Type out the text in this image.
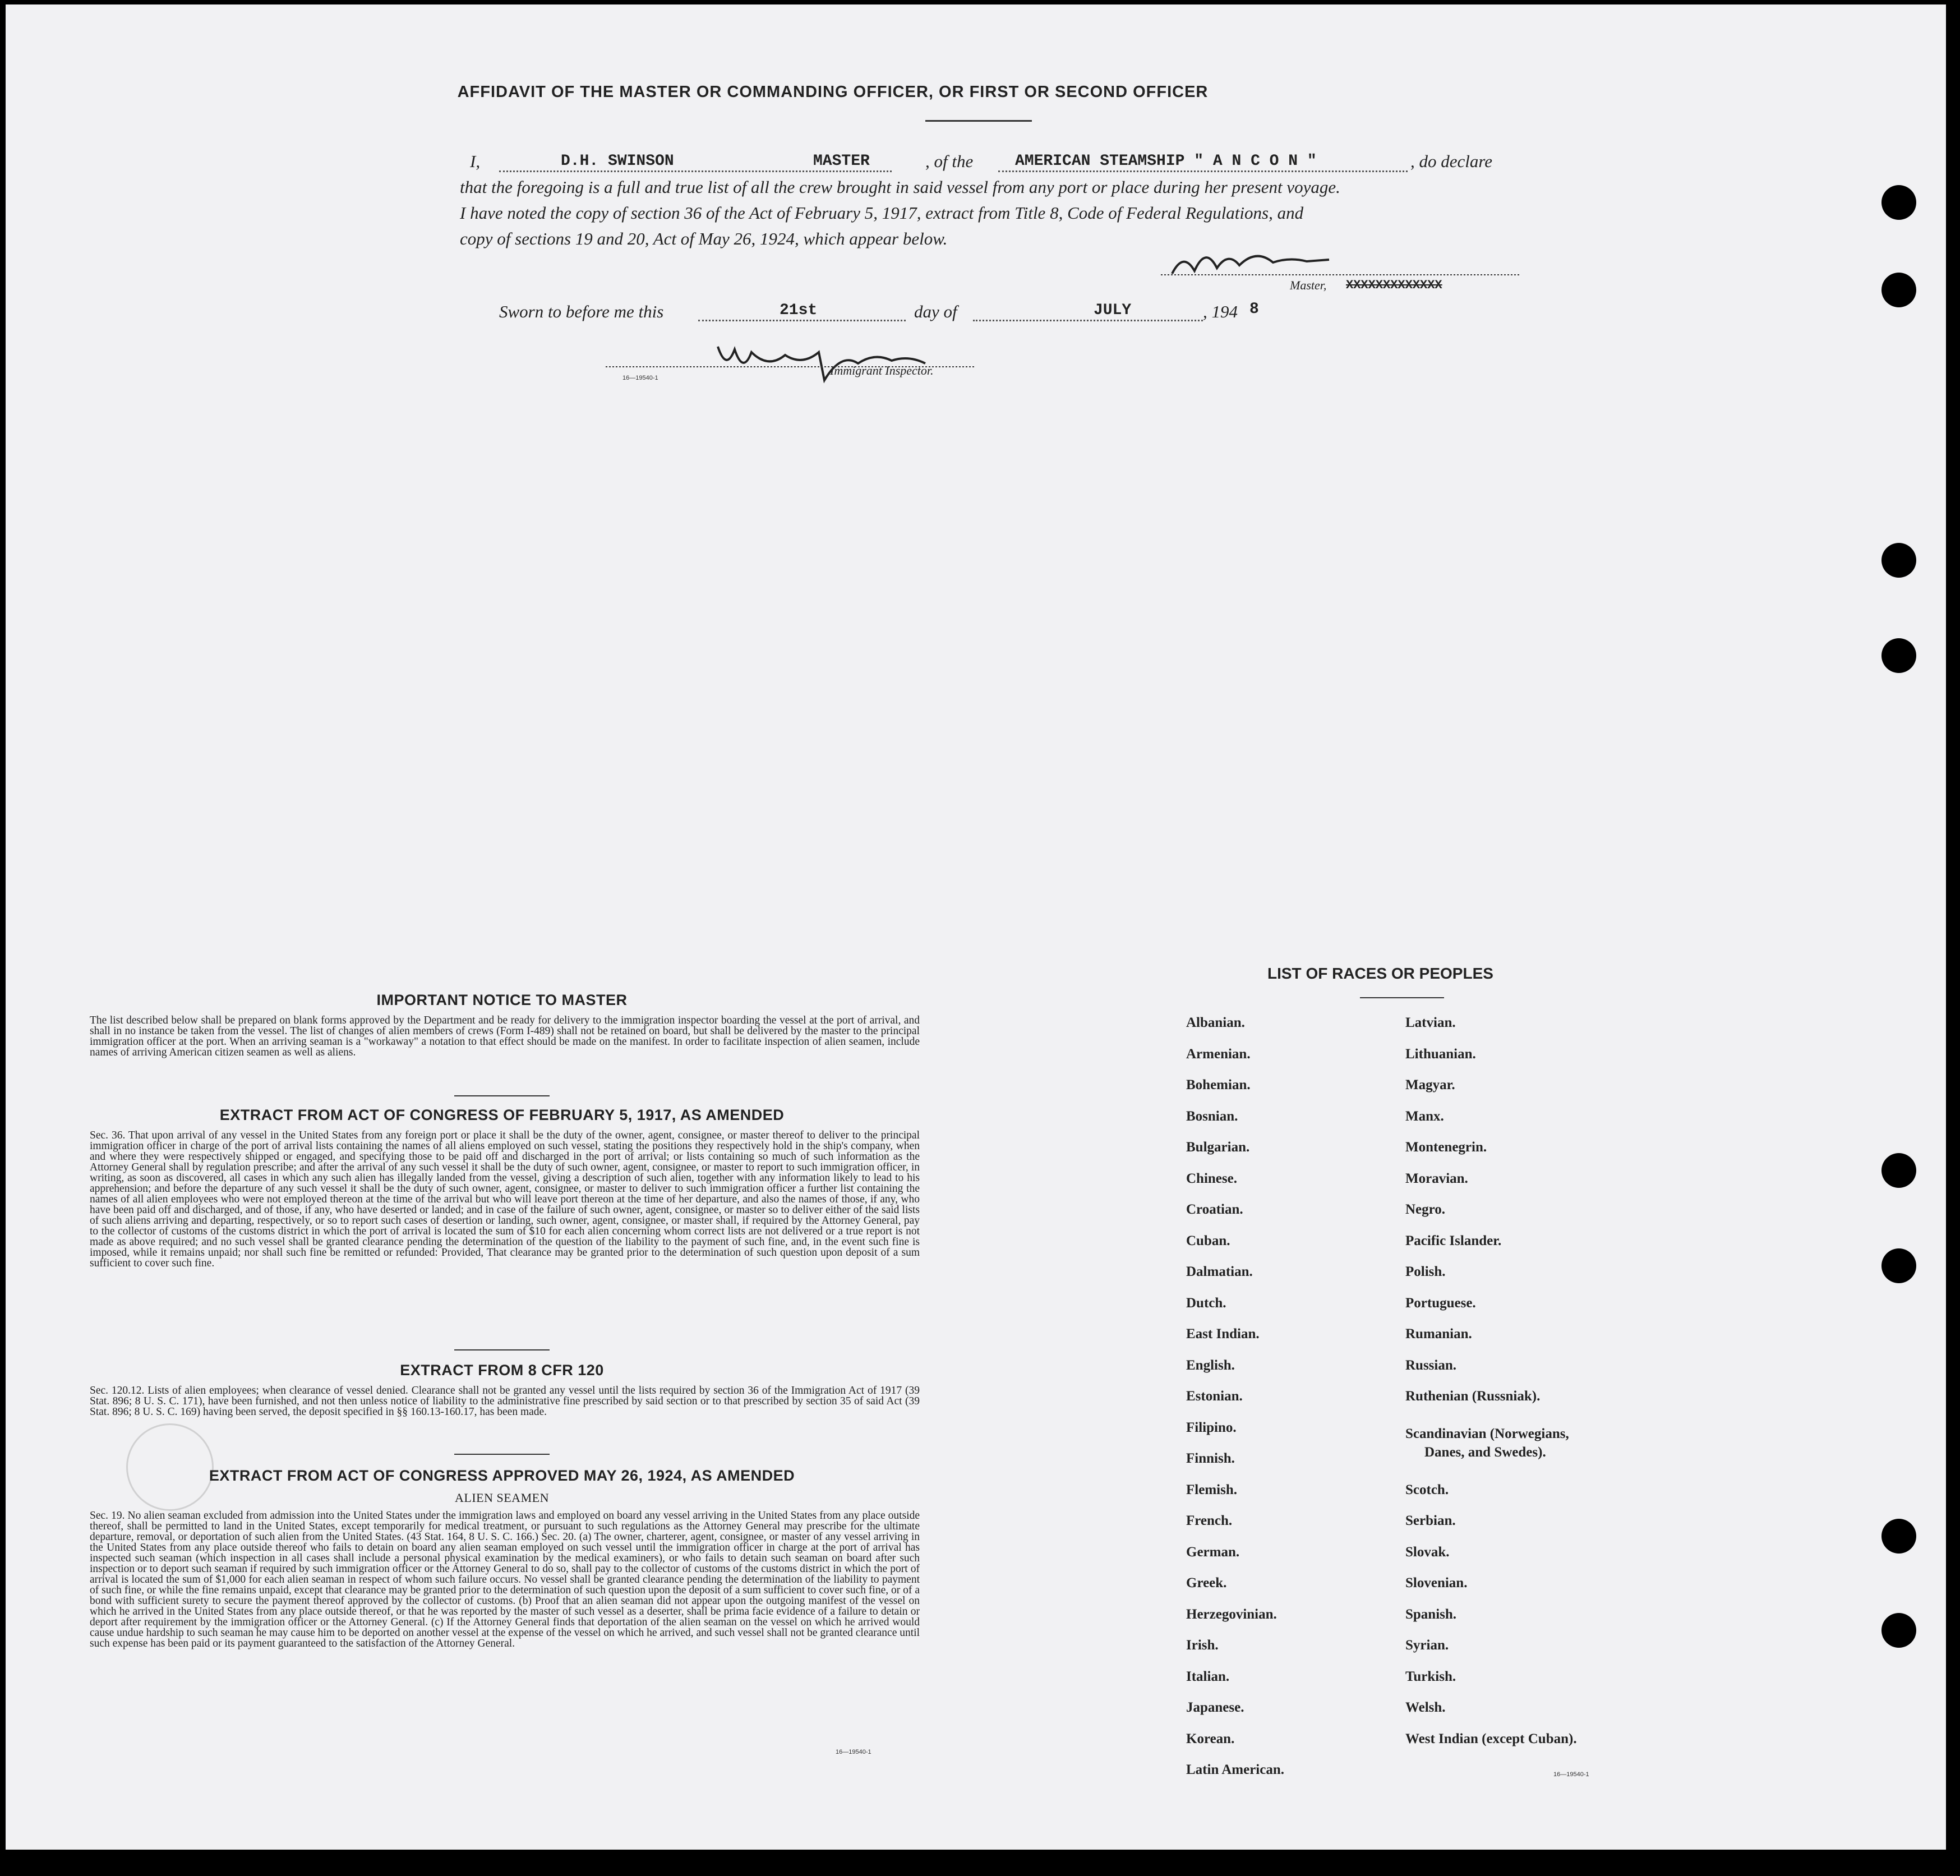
AFFIDAVIT OF THE MASTER OR COMMANDING OFFICER, OR FIRST OR SECOND OFFICER
I,	D.H. SWINSON	MASTER	, of the	AMERICAN STEAMSHIP " A N C O N "	, do declare
that the foregoing is a full and true list of all the crew brought in said vessel from any port or place during her present voyage.
I have noted the copy of section 36 of the Act of February 5, 1917, extract from Title 8, Code of Federal Regulations, and
copy of sections 19 and 20, Act of May 26, 1924, which appear below.
Master, XXXXXXXXXXXXX
Sworn to before me this	21st	day of	JULY	, 194 8
Immigrant Inspector.
16—19540-1
IMPORTANT NOTICE TO MASTER
The list described below shall be prepared on blank forms approved by the Department and be ready for delivery to the immigration inspector boarding the vessel at the port of arrival, and shall in no instance be taken from the vessel. The list of changes of alien members of crews (Form I-489) shall not be retained on board, but shall be delivered by the master to the principal immigration officer at the port. When an arriving seaman is a "workaway" a notation to that effect should be made on the manifest. In order to facilitate inspection of alien seamen, include names of arriving American citizen seamen as well as aliens.
EXTRACT FROM ACT OF CONGRESS OF FEBRUARY 5, 1917, AS AMENDED
Sec. 36. That upon arrival of any vessel in the United States from any foreign port or place it shall be the duty of the owner, agent, consignee, or master thereof to deliver to the principal immigration officer in charge of the port of arrival lists containing the names of all aliens employed on such vessel, stating the positions they respectively hold in the ship's company, when and where they were respectively shipped or engaged, and specifying those to be paid off and discharged in the port of arrival; or lists containing so much of such information as the Attorney General shall by regulation prescribe; and after the arrival of any such vessel it shall be the duty of such owner, agent, consignee, or master to report to such immigration officer, in writing, as soon as discovered, all cases in which any such alien has illegally landed from the vessel, giving a description of such alien, together with any information likely to lead to his apprehension; and before the departure of any such vessel it shall be the duty of such owner, agent, consignee, or master to deliver to such immigration officer a further list containing the names of all alien employees who were not employed thereon at the time of the arrival but who will leave port thereon at the time of her departure, and also the names of those, if any, who have been paid off and discharged, and of those, if any, who have deserted or landed; and in case of the failure of such owner, agent, consignee, or master so to deliver either of the said lists of such aliens arriving and departing, respectively, or so to report such cases of desertion or landing, such owner, agent, consignee, or master shall, if required by the Attorney General, pay to the collector of customs of the customs district in which the port of arrival is located the sum of $10 for each alien concerning whom correct lists are not delivered or a true report is not made as above required; and no such vessel shall be granted clearance pending the determination of the question of the liability to the payment of such fine, and, in the event such fine is imposed, while it remains unpaid; nor shall such fine be remitted or refunded: Provided, That clearance may be granted prior to the determination of such question upon deposit of a sum sufficient to cover such fine.
EXTRACT FROM 8 CFR 120
Sec. 120.12. Lists of alien employees; when clearance of vessel denied. Clearance shall not be granted any vessel until the lists required by section 36 of the Immigration Act of 1917 (39 Stat. 896; 8 U. S. C. 171), have been furnished, and not then unless notice of liability to the administrative fine prescribed by said section or to that prescribed by section 35 of said Act (39 Stat. 896; 8 U. S. C. 169) having been served, the deposit specified in §§ 160.13-160.17, has been made.
EXTRACT FROM ACT OF CONGRESS APPROVED MAY 26, 1924, AS AMENDED
ALIEN SEAMEN
Sec. 19. No alien seaman excluded from admission into the United States under the immigration laws and employed on board any vessel arriving in the United States from any place outside thereof, shall be permitted to land in the United States, except temporarily for medical treatment, or pursuant to such regulations as the Attorney General may prescribe for the ultimate departure, removal, or deportation of such alien from the United States. (43 Stat. 164, 8 U. S. C. 166.) Sec. 20. (a) The owner, charterer, agent, consignee, or master of any vessel arriving in the United States from any place outside thereof who fails to detain on board any alien seaman employed on such vessel until the immigration officer in charge at the port of arrival has inspected such seaman (which inspection in all cases shall include a personal physical examination by the medical examiners), or who fails to detain such seaman on board after such inspection or to deport such seaman if required by such immigration officer or the Attorney General to do so, shall pay to the collector of customs of the customs district in which the port of arrival is located the sum of $1,000 for each alien seaman in respect of whom such failure occurs. No vessel shall be granted clearance pending the determination of the liability to payment of such fine, or while the fine remains unpaid, except that clearance may be granted prior to the determination of such question upon the deposit of a sum sufficient to cover such fine, or of a bond with sufficient surety to secure the payment thereof approved by the collector of customs. (b) Proof that an alien seaman did not appear upon the outgoing manifest of the vessel on which he arrived in the United States from any place outside thereof, or that he was reported by the master of such vessel as a deserter, shall be prima facie evidence of a failure to detain or deport after requirement by the immigration officer or the Attorney General. (c) If the Attorney General finds that deportation of the alien seaman on the vessel on which he arrived would cause undue hardship to such seaman he may cause him to be deported on another vessel at the expense of the vessel on which he arrived, and such vessel shall not be granted clearance until such expense has been paid or its payment guaranteed to the satisfaction of the Attorney General.
16—19540-1
LIST OF RACES OR PEOPLES
Albanian.
Armenian.
Bohemian.
Bosnian.
Bulgarian.
Chinese.
Croatian.
Cuban.
Dalmatian.
Dutch.
East Indian.
English.
Estonian.
Filipino.
Finnish.
Flemish.
French.
German.
Greek.
Herzegovinian.
Irish.
Italian.
Japanese.
Korean.
Latin American.
Latvian.
Lithuanian.
Magyar.
Manx.
Montenegrin.
Moravian.
Negro.
Pacific Islander.
Polish.
Portuguese.
Rumanian.
Russian.
Ruthenian (Russniak).
Scandinavian (Norwegians,
Danes, and Swedes).
Scotch.
Serbian.
Slovak.
Slovenian.
Spanish.
Syrian.
Turkish.
Welsh.
West Indian (except Cuban).
16—19540-1
